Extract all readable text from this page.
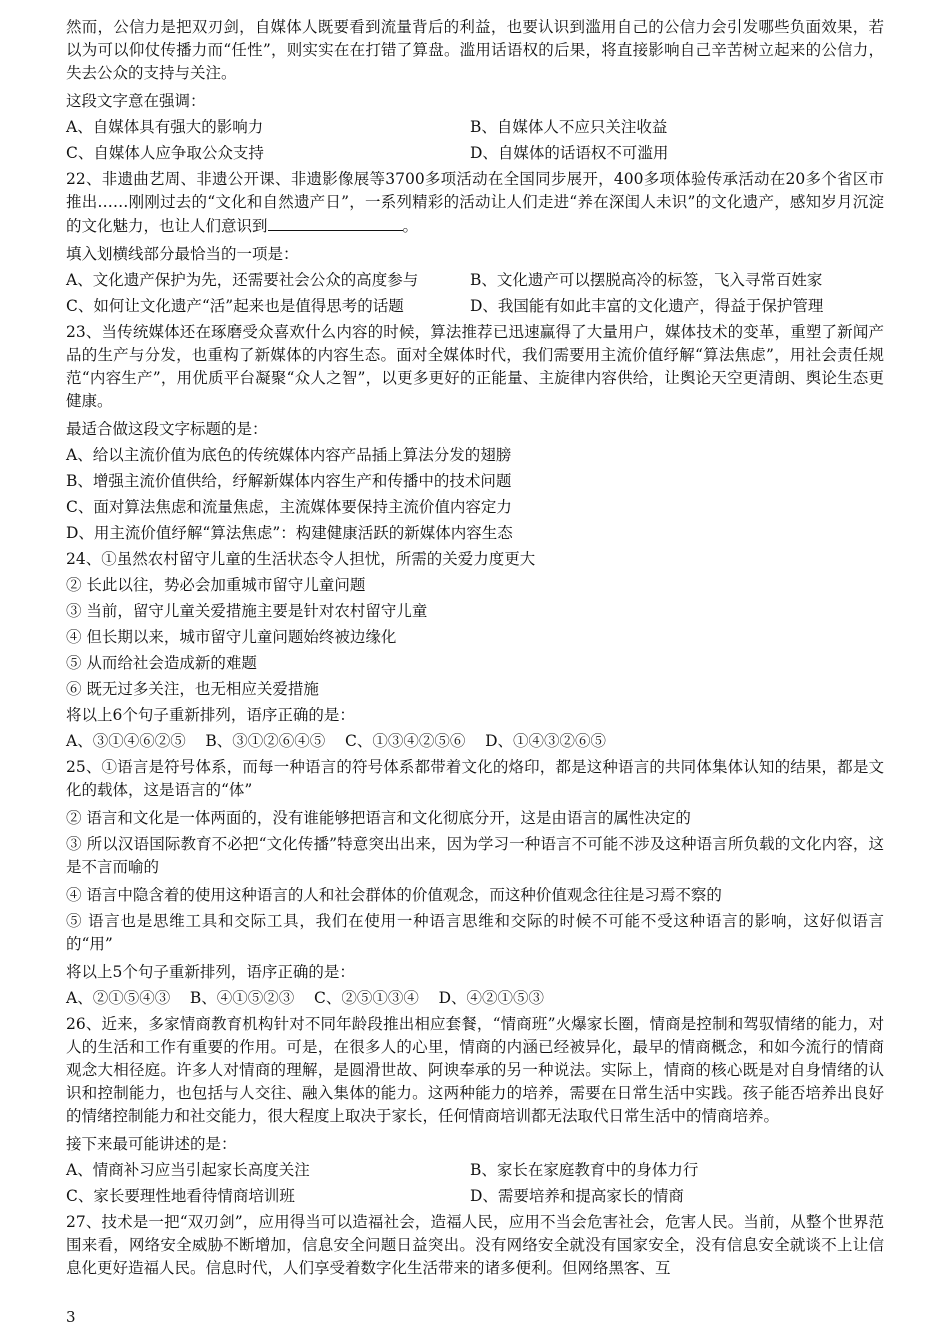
然而，公信力是把双刃剑，自媒体人既要看到流量背后的利益，也要认识到滥用自己的公信力会引发哪些负面效果，若以为可以仰仗传播力而“任性”，则实实在在打错了算盘。滥用话语权的后果，将直接影响自己辛苦树立起来的公信力，失去公众的支持与关注。

这段文字意在强调：

A、自媒体具有强大的影响力	B、自媒体人不应只关注收益
C、自媒体人应争取公众支持	D、自媒体的话语权不可滥用

22、非遗曲艺周、非遗公开课、非遗影像展等3700多项活动在全国同步展开，400多项体验传承活动在20多个省区市推出……刚刚过去的“文化和自然遗产日”，一系列精彩的活动让人们走进“养在深闺人未识”的文化遗产，感知岁月沉淀的文化魅力，也让人们意识到	。

填入划横线部分最恰当的一项是：

A、文化遗产保护为先，还需要社会公众的高度参与	B、文化遗产可以摆脱高冷的标签，飞入寻常百姓家
C、如何让文化遗产“活”起来也是值得思考的话题	D、我国能有如此丰富的文化遗产，得益于保护管理

23、当传统媒体还在琢磨受众喜欢什么内容的时候，算法推荐已迅速赢得了大量用户，媒体技术的变革，重塑了新闻产品的生产与分发，也重构了新媒体的内容生态。面对全媒体时代，我们需要用主流价值纾解“算法焦虑”，用社会责任规范“内容生产”，用优质平台凝聚“众人之智”，以更多更好的正能量、主旋律内容供给，让舆论天空更清朗、舆论生态更健康。

最适合做这段文字标题的是：

A、给以主流价值为底色的传统媒体内容产品插上算法分发的翅膀

B、增强主流价值供给，纾解新媒体内容生产和传播中的技术问题

C、面对算法焦虑和流量焦虑，主流媒体要保持主流价值内容定力

D、用主流价值纾解“算法焦虑”：构建健康活跃的新媒体内容生态

24、①虽然农村留守儿童的生活状态令人担忧，所需的关爱力度更大

② 长此以往，势必会加重城市留守儿童问题

③ 当前，留守儿童关爱措施主要是针对农村留守儿童

④ 但长期以来，城市留守儿童问题始终被边缘化

⑤ 从而给社会造成新的难题

⑥ 既无过多关注，也无相应关爱措施

将以上6个句子重新排列，语序正确的是：

A、③①④⑥②⑤    B、③①②⑥④⑤    C、①③④②⑤⑥    D、①④③②⑥⑤

25、①语言是符号体系，而每一种语言的符号体系都带着文化的烙印，都是这种语言的共同体集体认知的结果，都是文化的载体，这是语言的“体”

② 语言和文化是一体两面的，没有谁能够把语言和文化彻底分开，这是由语言的属性决定的

③ 所以汉语国际教育不必把“文化传播”特意突出出来，因为学习一种语言不可能不涉及这种语言所负载的文化内容，这是不言而喻的

④ 语言中隐含着的使用这种语言的人和社会群体的价值观念，而这种价值观念往往是习焉不察的

⑤ 语言也是思维工具和交际工具，我们在使用一种语言思维和交际的时候不可能不受这种语言的影响，这好似语言的“用”

将以上5个句子重新排列，语序正确的是：

A、②①⑤④③    B、④①⑤②③    C、②⑤①③④    D、④②①⑤③

26、近来，多家情商教育机构针对不同年龄段推出相应套餐，“情商班”火爆家长圈，情商是控制和驾驭情绪的能力，对人的生活和工作有重要的作用。可是，在很多人的心里，情商的内涵已经被异化，最早的情商概念，和如今流行的情商观念大相径庭。许多人对情商的理解，是圆滑世故、阿谀奉承的另一种说法。实际上，情商的核心既是对自身情绪的认识和控制能力，也包括与人交往、融入集体的能力。这两种能力的培养，需要在日常生活中实践。孩子能否培养出良好的情绪控制能力和社交能力，很大程度上取决于家长，任何情商培训都无法取代日常生活中的情商培养。

接下来最可能讲述的是：

A、情商补习应当引起家长高度关注	B、家长在家庭教育中的身体力行
C、家长要理性地看待情商培训班	D、需要培养和提高家长的情商

27、技术是一把“双刃剑”，应用得当可以造福社会，造福人民，应用不当会危害社会，危害人民。当前，从整个世界范围来看，网络安全威胁不断增加，信息安全问题日益突出。没有网络安全就没有国家安全，没有信息安全就谈不上让信息化更好造福人民。信息时代，人们享受着数字化生活带来的诸多便利。但网络黑客、互

3
